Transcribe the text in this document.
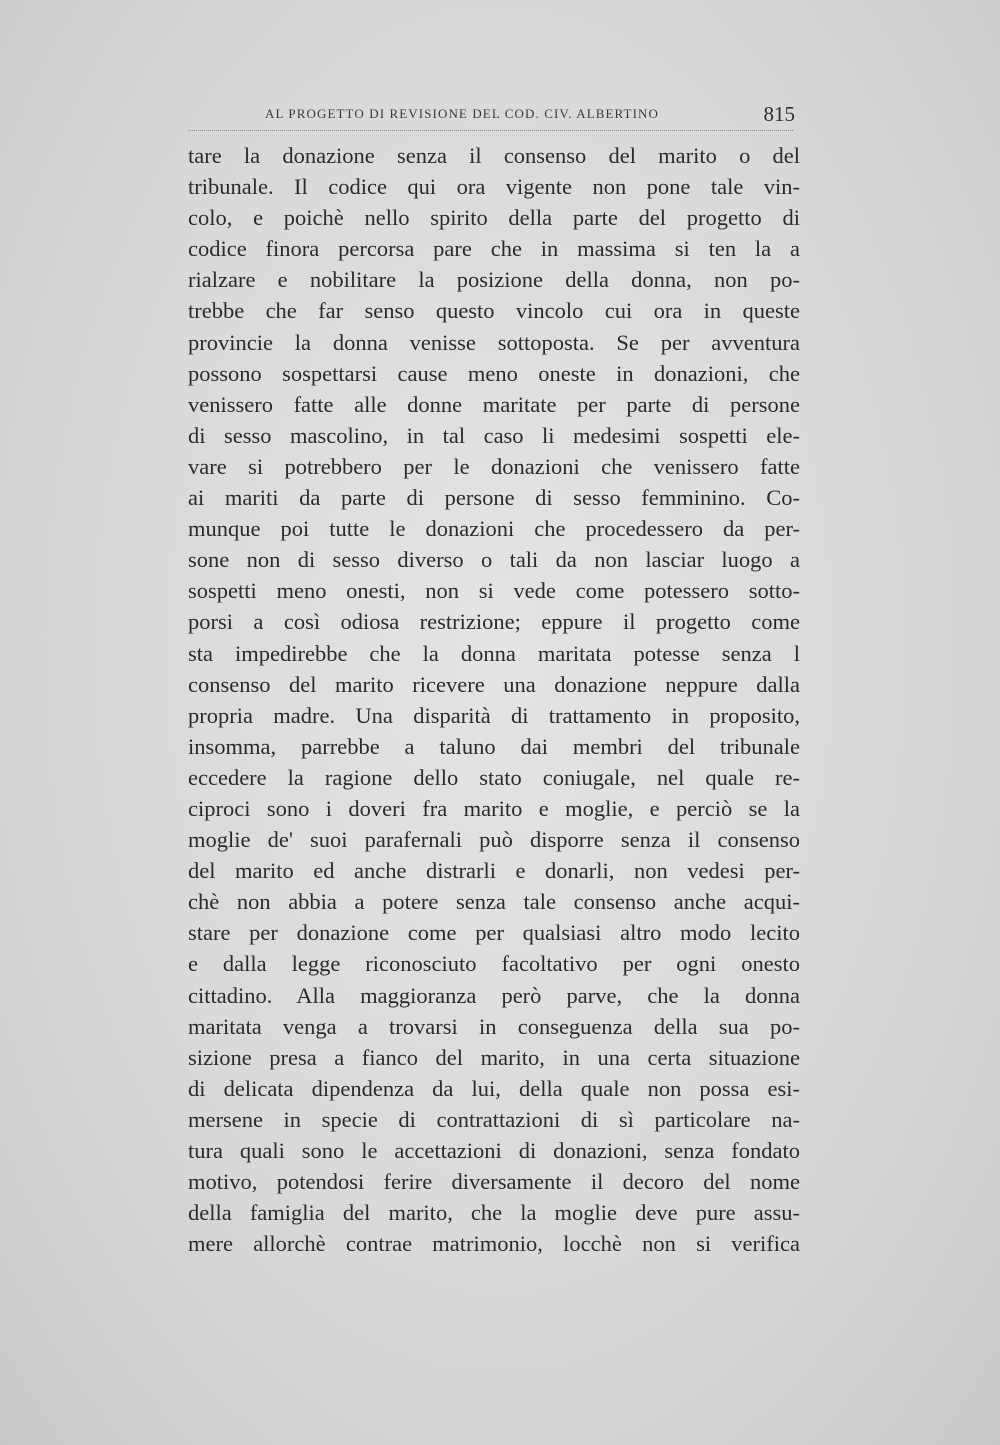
AL PROGETTO DI REVISIONE DEL COD. CIV. ALBERTINO	815
tare la donazione senza il consenso del marito o del
tribunale. Il codice qui ora vigente non pone tale vin-
colo, e poichè nello spirito della parte del progetto di
codice finora percorsa pare che in massima si ten la a
rialzare e nobilitare la posizione della donna, non po-
trebbe che far senso questo vincolo cui ora in queste
provincie la donna venisse sottoposta. Se per avventura
possono sospettarsi cause meno oneste in donazioni, che
venissero fatte alle donne maritate per parte di persone
di sesso mascolino, in tal caso li medesimi sospetti ele-
vare si potrebbero per le donazioni che venissero fatte
ai mariti da parte di persone di sesso femminino. Co-
munque poi tutte le donazioni che procedessero da per-
sone non di sesso diverso o tali da non lasciar luogo a
sospetti meno onesti, non si vede come potessero sotto-
porsi a così odiosa restrizione; eppure il progetto come
sta impedirebbe che la donna maritata potesse senza l
consenso del marito ricevere una donazione neppure dalla
propria madre. Una disparità di trattamento in proposito,
insomma, parrebbe a taluno dai membri del tribunale
eccedere la ragione dello stato coniugale, nel quale re-
ciproci sono i doveri fra marito e moglie, e perciò se la
moglie de' suoi parafernali può disporre senza il consenso
del marito ed anche distrarli e donarli, non vedesi per-
chè non abbia a potere senza tale consenso anche acqui-
stare per donazione come per qualsiasi altro modo lecito
e dalla legge riconosciuto facoltativo per ogni onesto
cittadino. Alla maggioranza però parve, che la donna
maritata venga a trovarsi in conseguenza della sua po-
sizione presa a fianco del marito, in una certa situazione
di delicata dipendenza da lui, della quale non possa esi-
mersene in specie di contrattazioni di sì particolare na-
tura quali sono le accettazioni di donazioni, senza fondato
motivo, potendosi ferire diversamente il decoro del nome
della famiglia del marito, che la moglie deve pure assu-
mere allorchè contrae matrimonio, locchè non si verifica
